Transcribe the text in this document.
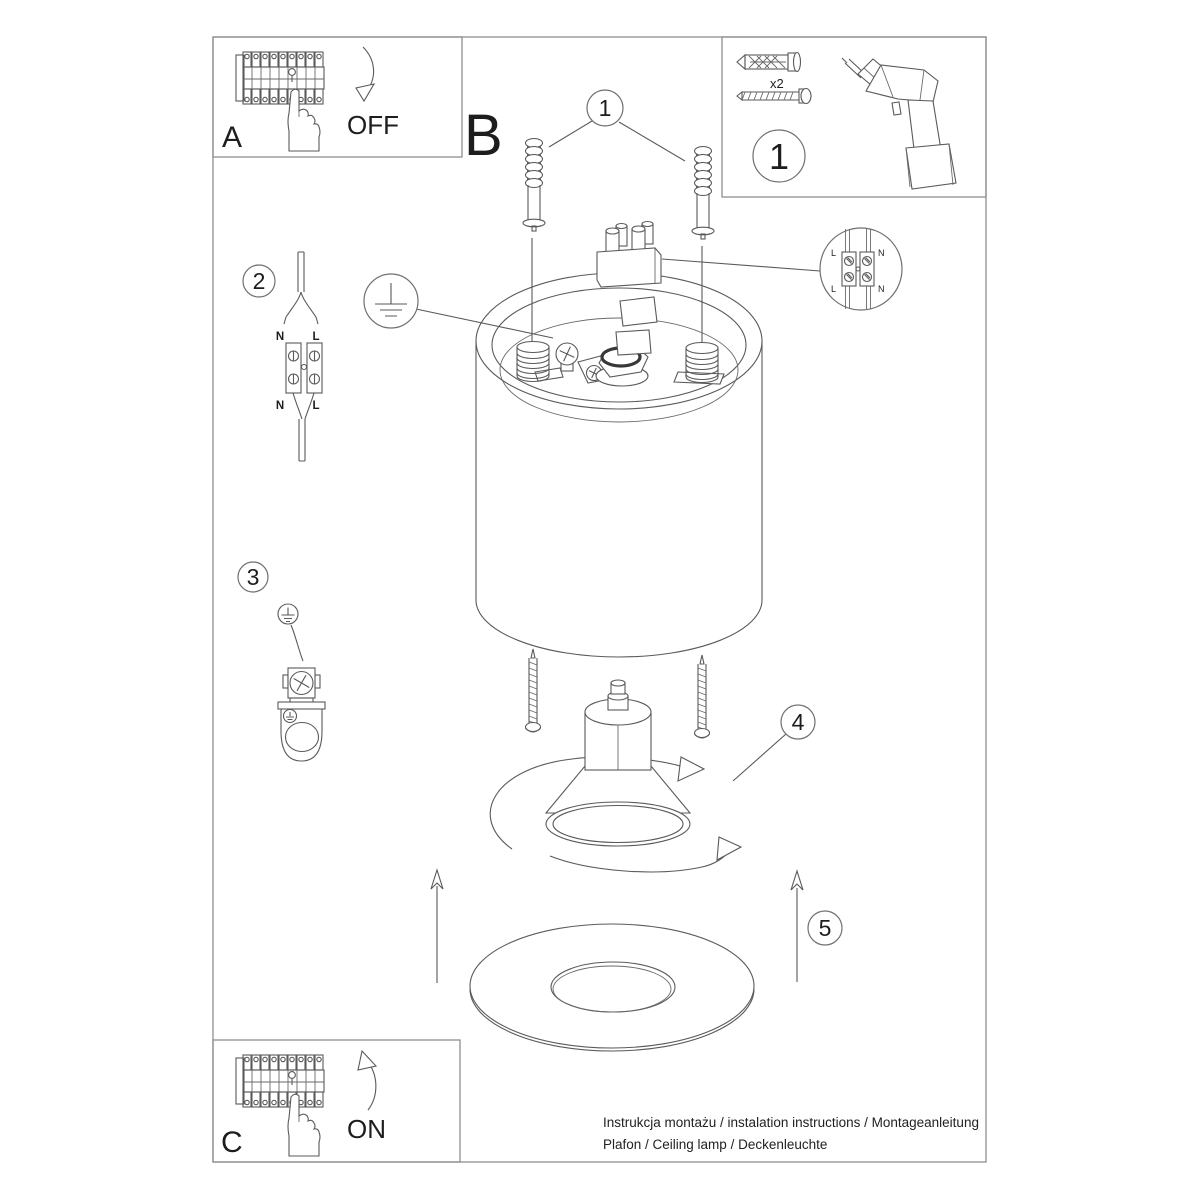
OFF
A	B
x2
1
1
L	N
L	N
2
N L
N L
3
4
5
ON
C
Instrukcja montażu / instalation instructions / Montageanleitung
Plafon / Ceiling lamp / Deckenleuchte
